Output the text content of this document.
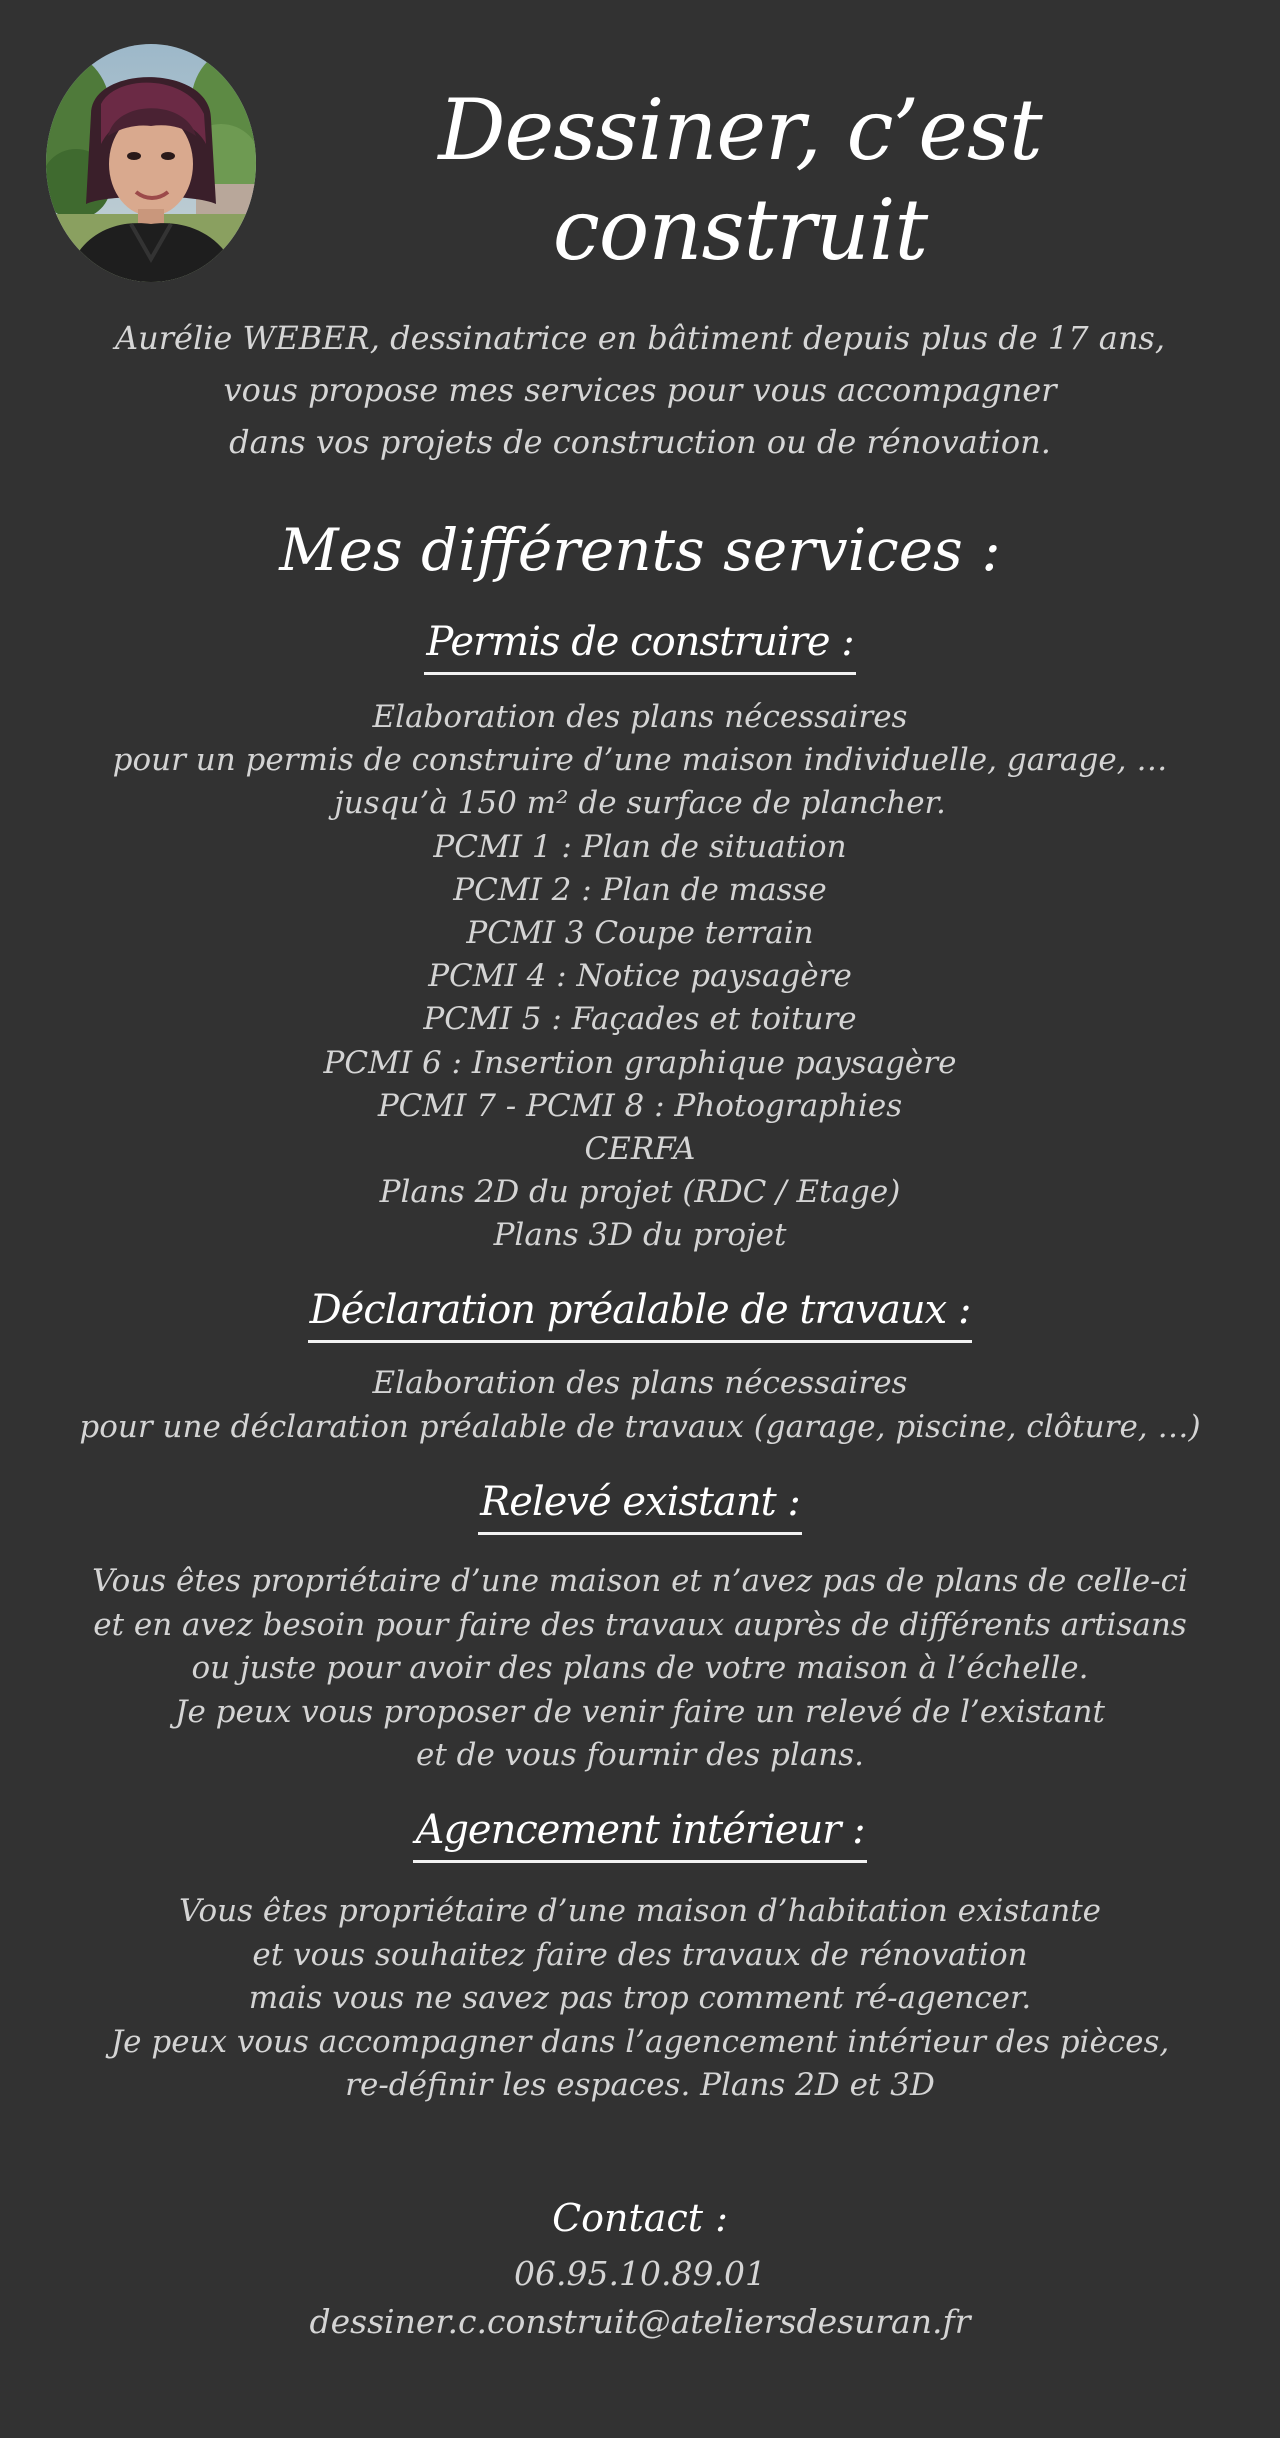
Dessiner, c’est construit
Aurélie WEBER, dessinatrice en bâtiment depuis plus de 17 ans,
vous propose mes services pour vous accompagner
dans vos projets de construction ou de rénovation.
Mes différents services :
Permis de construire :
Elaboration des plans nécessaires
pour un permis de construire d’une maison individuelle, garage, …
jusqu’à 150 m² de surface de plancher.
PCMI 1 : Plan de situation
PCMI 2 : Plan de masse
PCMI 3 Coupe terrain
PCMI 4 : Notice paysagère
PCMI 5 : Façades et toiture
PCMI 6 : Insertion graphique paysagère
PCMI 7 - PCMI 8 : Photographies
CERFA
Plans 2D du projet (RDC / Etage)
Plans 3D du projet
Déclaration préalable de travaux :
Elaboration des plans nécessaires
pour une déclaration préalable de travaux (garage, piscine, clôture, …)
Relevé existant :
Vous êtes propriétaire d’une maison et n’avez pas de plans de celle-ci
et en avez besoin pour faire des travaux auprès de différents artisans
ou juste pour avoir des plans de votre maison à l’échelle.
Je peux vous proposer de venir faire un relevé de l’existant
et de vous fournir des plans.
Agencement intérieur :
Vous êtes propriétaire d’une maison d’habitation existante
et vous souhaitez faire des travaux de rénovation
mais vous ne savez pas trop comment ré-agencer.
Je peux vous accompagner dans l’agencement intérieur des pièces,
re-définir les espaces. Plans 2D et 3D
Contact :
06.95.10.89.01
dessiner.c.construit@ateliersdesuran.fr
